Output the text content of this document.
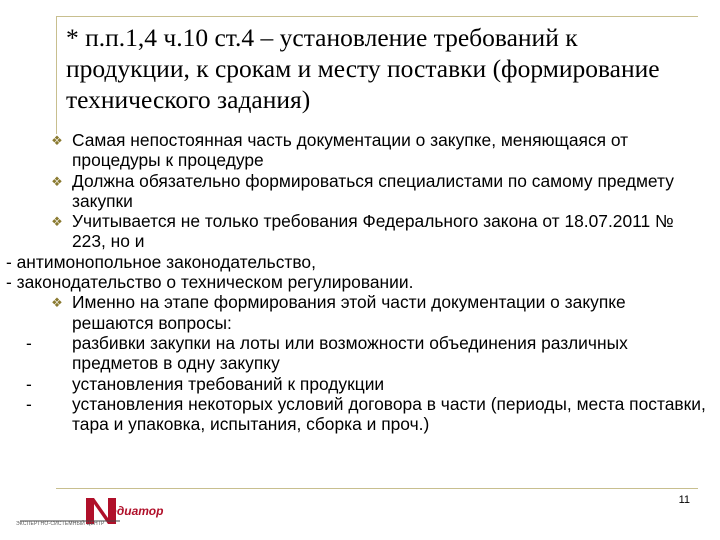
* п.п.1,4 ч.10 ст.4 – установление требований к продукции, к срокам и месту поставки (формирование технического задания)
❖ Самая непостоянная часть документации о закупке, меняющаяся от процедуры к процедуре
❖ Должна обязательно формироваться специалистами по самому предмету закупки
❖ Учитывается не только требования Федерального закона от 18.07.2011 № 223, но и
- антимонопольное законодательство,
- законодательство о техническом регулировании.
❖ Именно на этапе формирования этой части документации о закупке решаются вопросы:
- разбивки закупки на лоты или возможности объединения различных предметов в одну закупку
- установления требований к продукции
- установления некоторых условий договора в части (периоды, места поставки, тара и упаковка, испытания, сборка и проч.)
11
едиатор
ЭКСПЕРТНО-СИСТЕМНЫЙ ЦЕНТР
